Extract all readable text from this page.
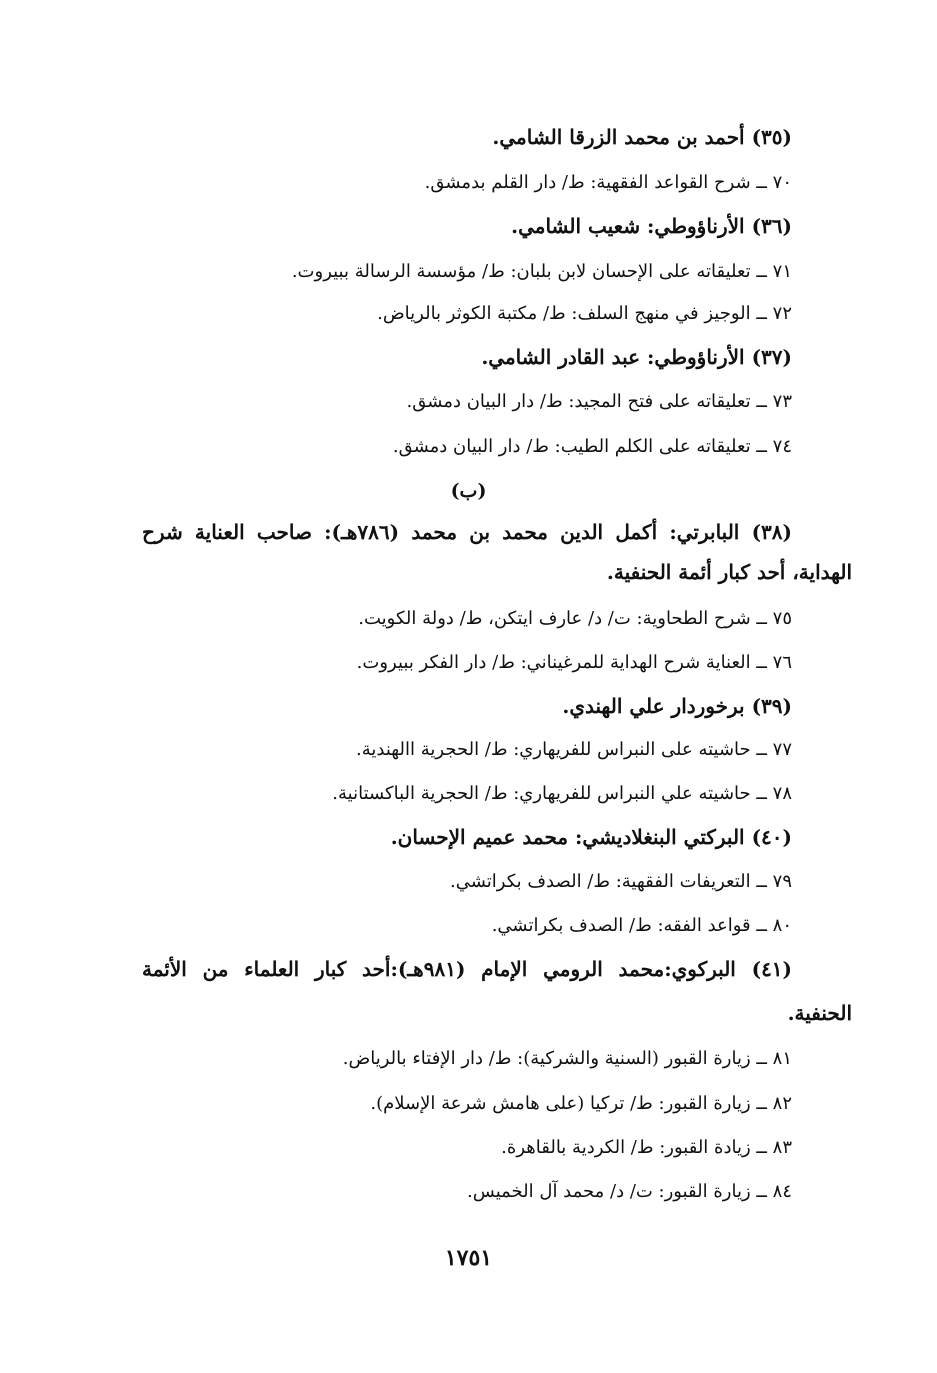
(٣٥) أحمد بن محمد الزرقا الشامي.
٧٠ ــ شرح القواعد الفقهية: ط/ دار القلم بدمشق.
(٣٦) الأرناؤوطي: شعيب الشامي.
٧١ ــ تعليقاته على الإحسان لابن بلبان: ط/ مؤسسة الرسالة ببيروت.
٧٢ ــ الوجيز في منهج السلف: ط/ مكتبة الكوثر بالرياض.
(٣٧) الأرناؤوطي: عبد القادر الشامي.
٧٣ ــ تعليقاته على فتح المجيد: ط/ دار البيان دمشق.
٧٤ ــ تعليقاته على الكلم الطيب: ط/ دار البيان دمشق.
(ب)
(٣٨) البابرتي: أكمل الدين محمد بن محمد (٧٨٦هـ): صاحب العناية شرح
الهداية، أحد كبار أئمة الحنفية.
٧٥ ــ شرح الطحاوية: ت/ د/ عارف ايتكن، ط/ دولة الكويت.
٧٦ ــ العناية شرح الهداية للمرغيناني: ط/ دار الفكر ببيروت.
(٣٩) برخوردار علي الهندي.
٧٧ ــ حاشيته على النبراس للفريهاري: ط/ الحجرية االهندية.
٧٨ ــ حاشيته علي النبراس للفريهاري: ط/ الحجرية الباكستانية.
(٤٠) البركتي البنغلاديشي: محمد عميم الإحسان.
٧٩ ــ التعريفات الفقهية: ط/ الصدف بكراتشي.
٨٠ ــ قواعد الفقه: ط/ الصدف بكراتشي.
(٤١) البركوي:محمد الرومي الإمام (٩٨١هـ):أحد كبار العلماء من الأئمة
الحنفية.
٨١ ــ زيارة القبور (السنية والشركية): ط/ دار الإفتاء بالرياض.
٨٢ ــ زيارة القبور: ط/ تركيا (على هامش شرعة الإسلام).
٨٣ ــ زيادة القبور: ط/ الكردية بالقاهرة.
٨٤ ــ زيارة القبور: ت/ د/ محمد آل الخميس.
١٧٥١
